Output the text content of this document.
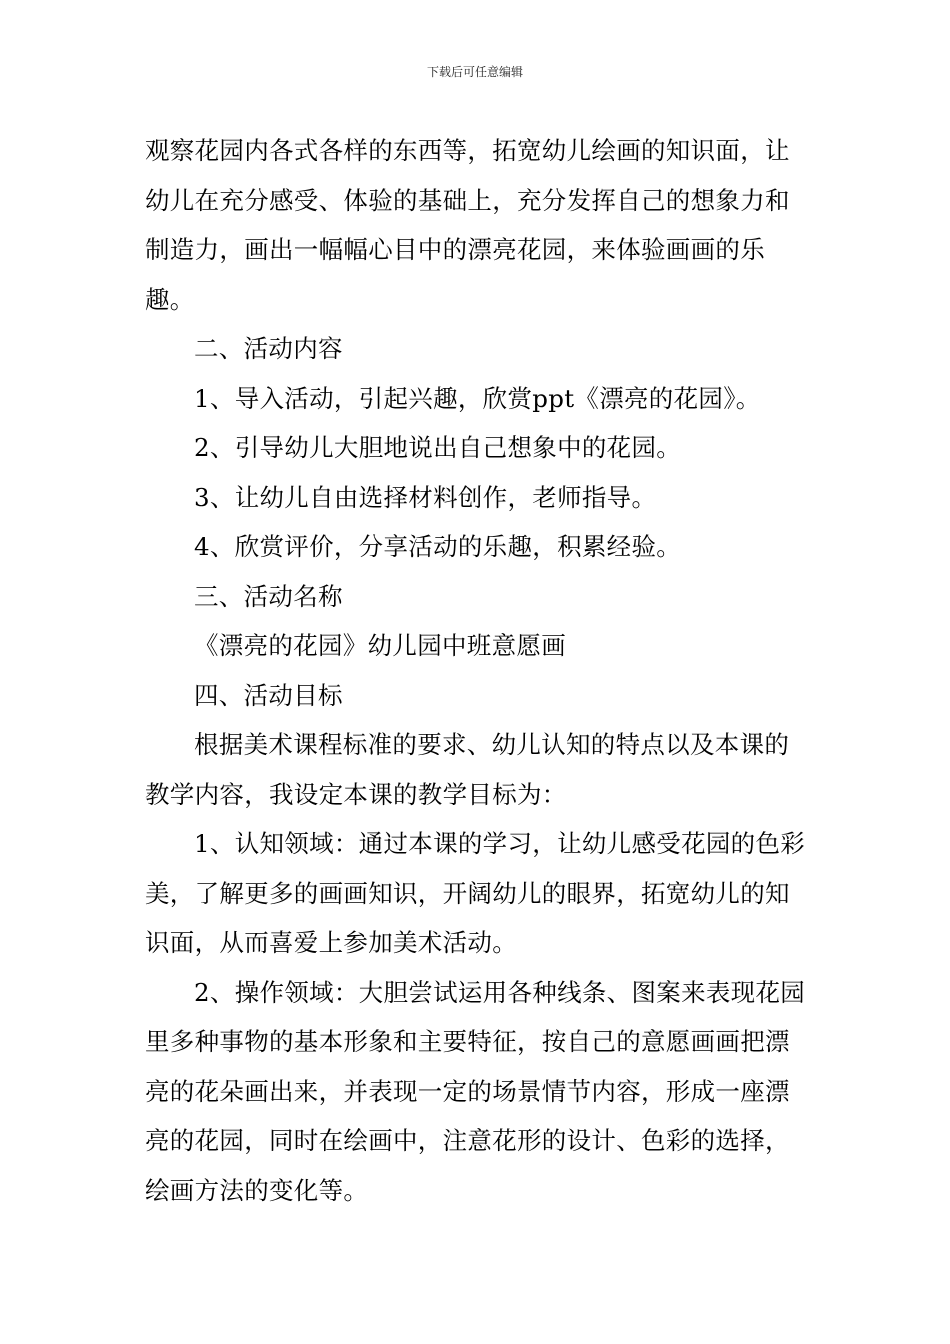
下载后可任意编辑

观察花园内各式各样的东西等，拓宽幼儿绘画的知识面，让幼儿在充分感受、体验的基础上，充分发挥自己的想象力和制造力，画出一幅幅心目中的漂亮花园，来体验画画的乐趣。

二、活动内容

1、导入活动，引起兴趣，欣赏ppt《漂亮的花园》。

2、引导幼儿大胆地说出自己想象中的花园。

3、让幼儿自由选择材料创作，老师指导。

4、欣赏评价，分享活动的乐趣，积累经验。

三、活动名称

《漂亮的花园》幼儿园中班意愿画

四、活动目标

根据美术课程标准的要求、幼儿认知的特点以及本课的教学内容，我设定本课的教学目标为：

1、认知领域：通过本课的学习，让幼儿感受花园的色彩美，了解更多的画画知识，开阔幼儿的眼界，拓宽幼儿的知识面，从而喜爱上参加美术活动。

2、操作领域：大胆尝试运用各种线条、图案来表现花园里多种事物的基本形象和主要特征，按自己的意愿画画把漂亮的花朵画出来，并表现一定的场景情节内容，形成一座漂亮的花园，同时在绘画中，注意花形的设计、色彩的选择，绘画方法的变化等。
